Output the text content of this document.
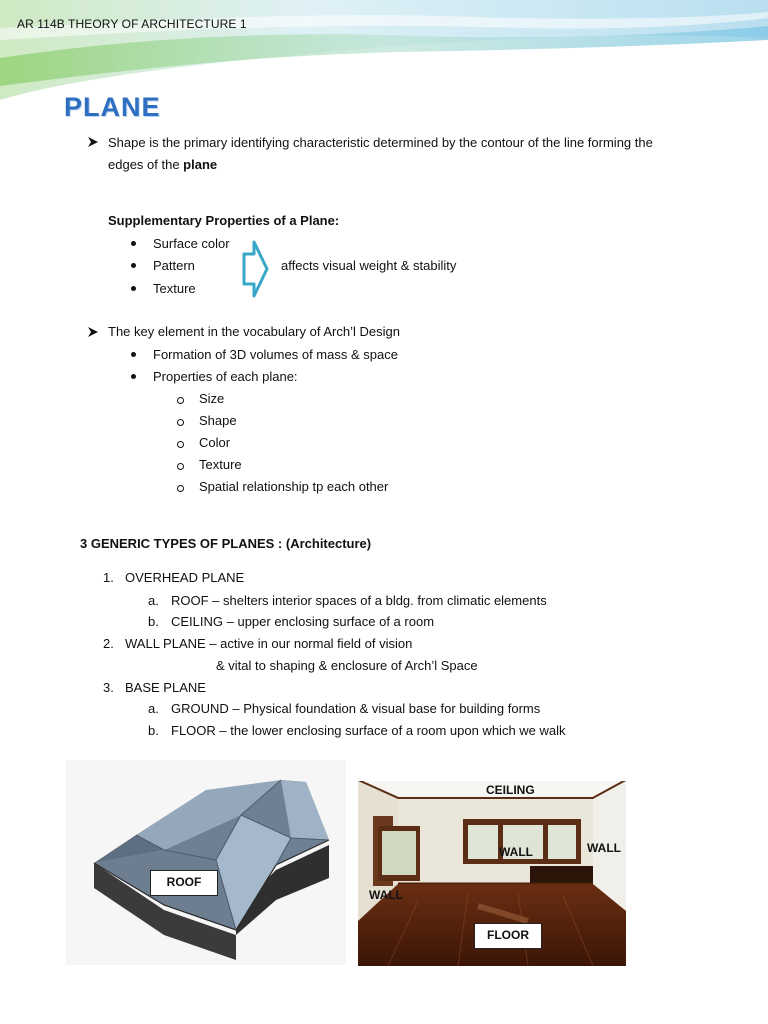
AR 114B THEORY OF ARCHITECTURE 1
PLANE
Shape is the primary identifying characteristic determined by the contour of the line forming the
edges of the plane
Supplementary Properties of a Plane:
Surface color
Pattern
Texture
affects visual weight & stability
The key element in the vocabulary of Arch’l Design
Formation of 3D volumes of mass & space
Properties of each plane:
Size
Shape
Color
Texture
Spatial relationship tp each other
3 GENERIC TYPES OF PLANES : (Architecture)
1. OVERHEAD PLANE
a. ROOF – shelters interior spaces of a bldg. from climatic elements
b. CEILING – upper enclosing surface of a room
2. WALL PLANE – active in our normal field of vision
& vital to shaping & enclosure of Arch’l Space
3. BASE PLANE
a. GROUND – Physical foundation & visual base for building forms
b. FLOOR – the lower enclosing surface of a room upon which we walk
ROOF
CEILING
WALL	WALL
WALL
FLOOR
